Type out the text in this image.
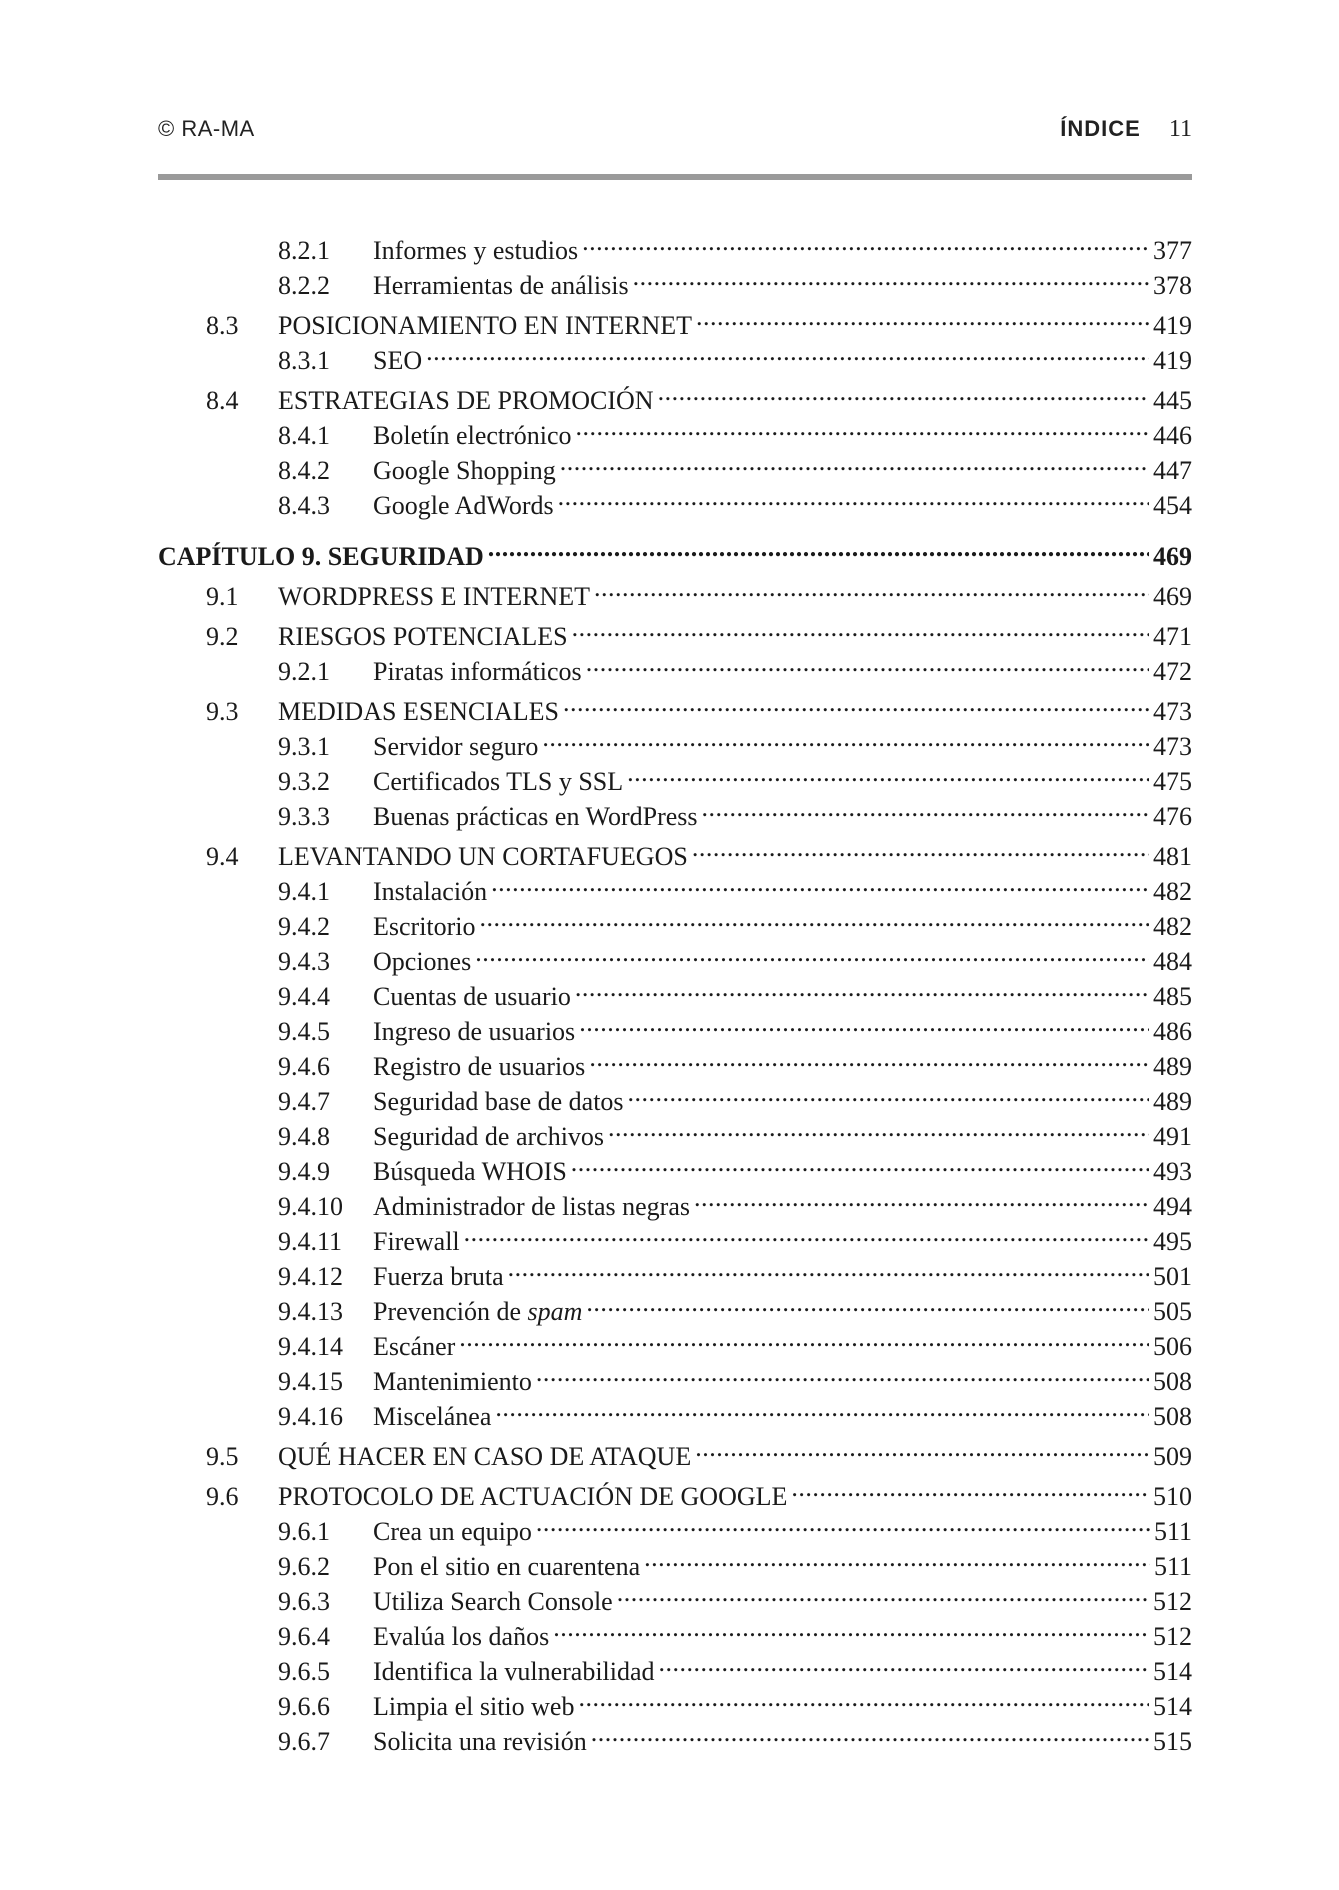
© RA-MA	ÍNDICE 11
8.2.1	Informes y estudios . . .	377
8.2.2	Herramientas de análisis . . .	378
8.3	POSICIONAMIENTO EN INTERNET . . .	419
8.3.1	SEO . . .	419
8.4	ESTRATEGIAS DE PROMOCIÓN . . .	445
8.4.1	Boletín electrónico . . .	446
8.4.2	Google Shopping . . .	447
8.4.3	Google AdWords . . .	454
CAPÍTULO 9. SEGURIDAD . . .	469
9.1	WORDPRESS E INTERNET . . .	469
9.2	RIESGOS POTENCIALES . . .	471
9.2.1	Piratas informáticos . . .	472
9.3	MEDIDAS ESENCIALES . . .	473
9.3.1	Servidor seguro . . .	473
9.3.2	Certificados TLS y SSL . . .	475
9.3.3	Buenas prácticas en WordPress . . .	476
9.4	LEVANTANDO UN CORTAFUEGOS . . .	481
9.4.1	Instalación . . .	482
9.4.2	Escritorio . . .	482
9.4.3	Opciones . . .	484
9.4.4	Cuentas de usuario . . .	485
9.4.5	Ingreso de usuarios . . .	486
9.4.6	Registro de usuarios . . .	489
9.4.7	Seguridad base de datos . . .	489
9.4.8	Seguridad de archivos . . .	491
9.4.9	Búsqueda WHOIS . . .	493
9.4.10	Administrador de listas negras . . .	494
9.4.11	Firewall . . .	495
9.4.12	Fuerza bruta . . .	501
9.4.13	Prevención de spam . . .	505
9.4.14	Escáner . . .	506
9.4.15	Mantenimiento . . .	508
9.4.16	Miscelánea . . .	508
9.5	QUÉ HACER EN CASO DE ATAQUE . . .	509
9.6	PROTOCOLO DE ACTUACIÓN DE GOOGLE . . .	510
9.6.1	Crea un equipo . . .	511
9.6.2	Pon el sitio en cuarentena . . .	511
9.6.3	Utiliza Search Console . . .	512
9.6.4	Evalúa los daños . . .	512
9.6.5	Identifica la vulnerabilidad . . .	514
9.6.6	Limpia el sitio web . . .	514
9.6.7	Solicita una revisión . . .	515
